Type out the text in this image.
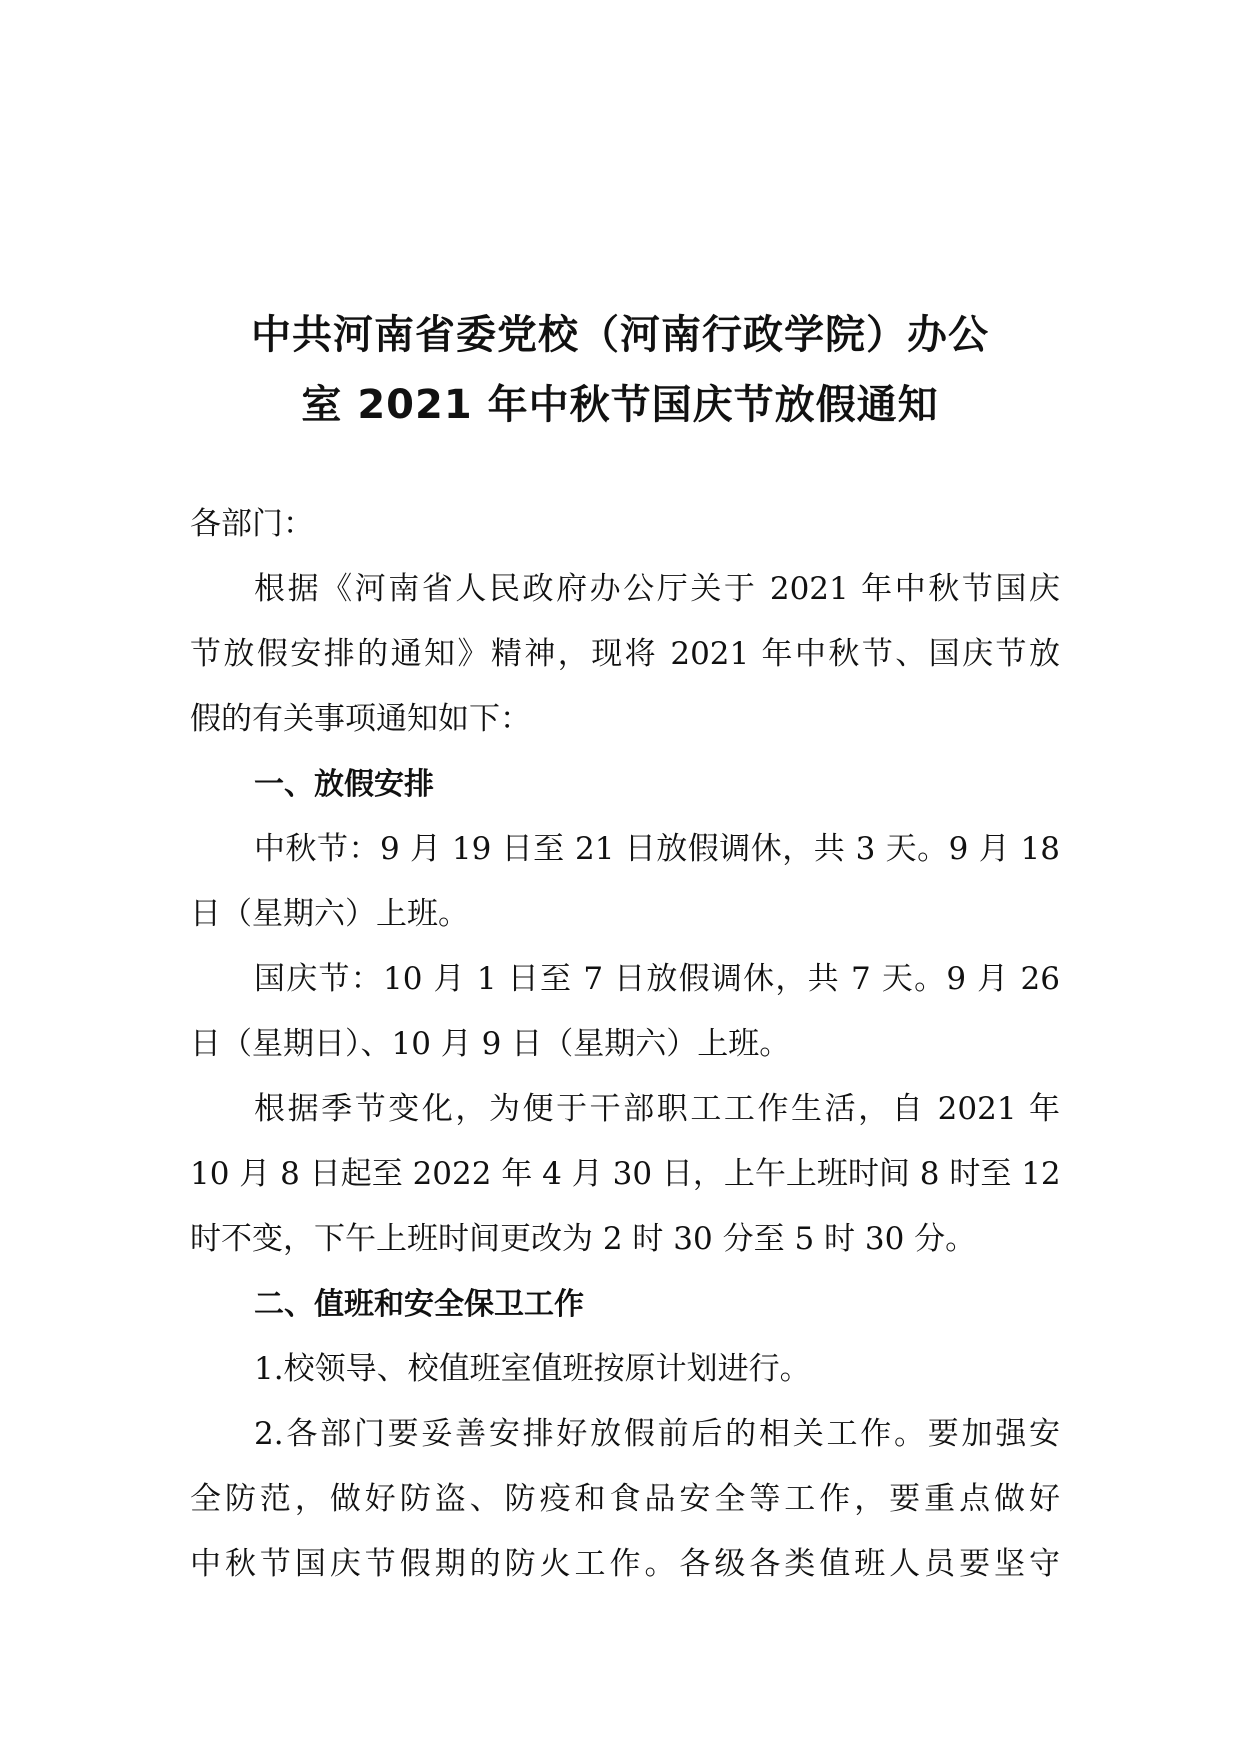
中共河南省委党校（河南行政学院）办公
室 2021 年中秋节国庆节放假通知
各部门：
根据《河南省人民政府办公厅关于 2021 年中秋节国庆
节放假安排的通知》精神，现将 2021 年中秋节、国庆节放
假的有关事项通知如下：
一、放假安排
中秋节：9 月 19 日至 21 日放假调休，共 3 天。9 月 18
日（星期六）上班。
国庆节：10 月 1 日至 7 日放假调休，共 7 天。9 月 26
日（星期日）、10 月 9 日（星期六）上班。
根据季节变化，为便于干部职工工作生活，自 2021 年
10 月 8 日起至 2022 年 4 月 30 日，上午上班时间 8 时至 12
时不变，下午上班时间更改为 2 时 30 分至 5 时 30 分。
二、值班和安全保卫工作
1.校领导、校值班室值班按原计划进行。
2.各部门要妥善安排好放假前后的相关工作。要加强安
全防范，做好防盗、防疫和食品安全等工作，要重点做好
中秋节国庆节假期的防火工作。各级各类值班人员要坚守
